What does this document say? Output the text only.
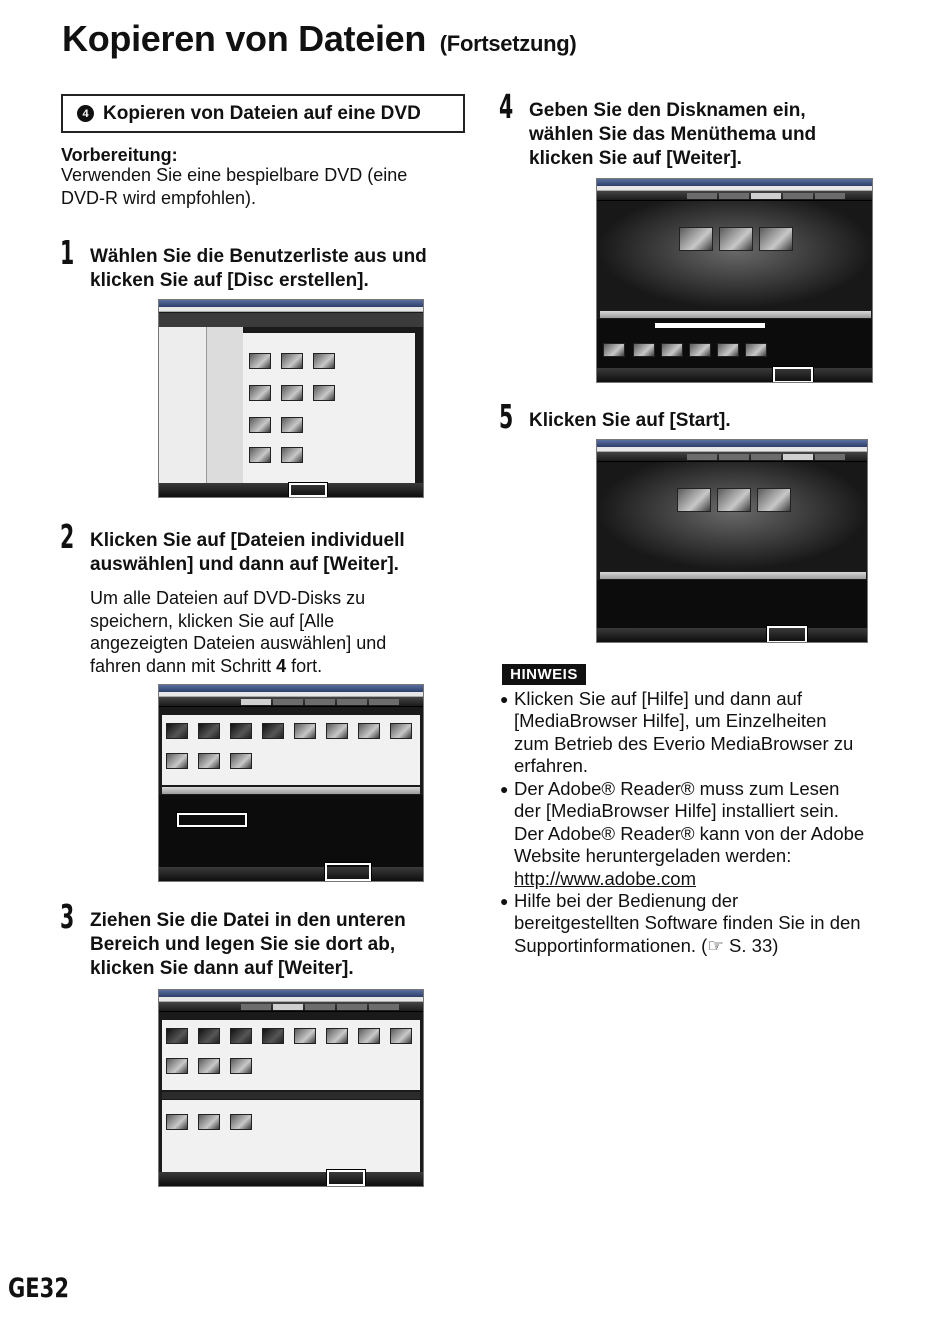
Kopieren von Dateien (Fortsetzung)
4 Kopieren von Dateien auf eine DVD
Vorbereitung:
Verwenden Sie eine bespielbare DVD (eine
DVD-R wird empfohlen).
1 Wählen Sie die Benutzerliste aus und
klicken Sie auf [Disc erstellen].
2 Klicken Sie auf [Dateien individuell
auswählen] und dann auf [Weiter].
Um alle Dateien auf DVD-Disks zu
speichern, klicken Sie auf [Alle
angezeigten Dateien auswählen] und
fahren dann mit Schritt 4 fort.
3 Ziehen Sie die Datei in den unteren
Bereich und legen Sie sie dort ab,
klicken Sie dann auf [Weiter].
4 Geben Sie den Disknamen ein,
wählen Sie das Menüthema und
klicken Sie auf [Weiter].
5 Klicken Sie auf [Start].
HINWEIS
● Klicken Sie auf [Hilfe] und dann auf
[MediaBrowser Hilfe], um Einzelheiten
zum Betrieb des Everio MediaBrowser zu
erfahren.
● Der Adobe® Reader® muss zum Lesen
der [MediaBrowser Hilfe] installiert sein.
Der Adobe® Reader® kann von der Adobe
Website heruntergeladen werden:
http://www.adobe.com
● Hilfe bei der Bedienung der
bereitgestellten Software finden Sie in den
Supportinformationen. (☞ S. 33)
GE32
